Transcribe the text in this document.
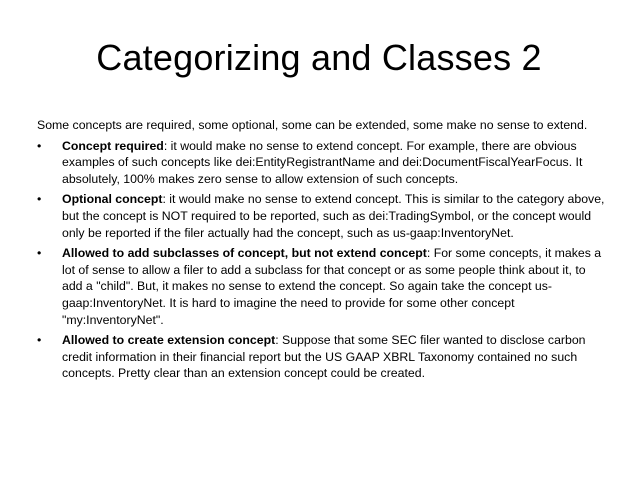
Categorizing and Classes 2

Some concepts are required, some optional, some can be extended, some make no sense to extend.

• Concept required: it would make no sense to extend concept. For example, there are obvious examples of such concepts like dei:EntityRegistrantName and dei:DocumentFiscalYearFocus. It absolutely, 100% makes zero sense to allow extension of such concepts.
• Optional concept: it would make no sense to extend concept. This is similar to the category above, but the concept is NOT required to be reported, such as dei:TradingSymbol, or the concept would only be reported if the filer actually had the concept, such as us-gaap:InventoryNet.
• Allowed to add subclasses of concept, but not extend concept: For some concepts, it makes a lot of sense to allow a filer to add a subclass for that concept or as some people think about it, to add a "child". But, it makes no sense to extend the concept. So again take the concept us-gaap:InventoryNet. It is hard to imagine the need to provide for some other concept "my:InventoryNet".
• Allowed to create extension concept: Suppose that some SEC filer wanted to disclose carbon credit information in their financial report but the US GAAP XBRL Taxonomy contained no such concepts. Pretty clear than an extension concept could be created.
